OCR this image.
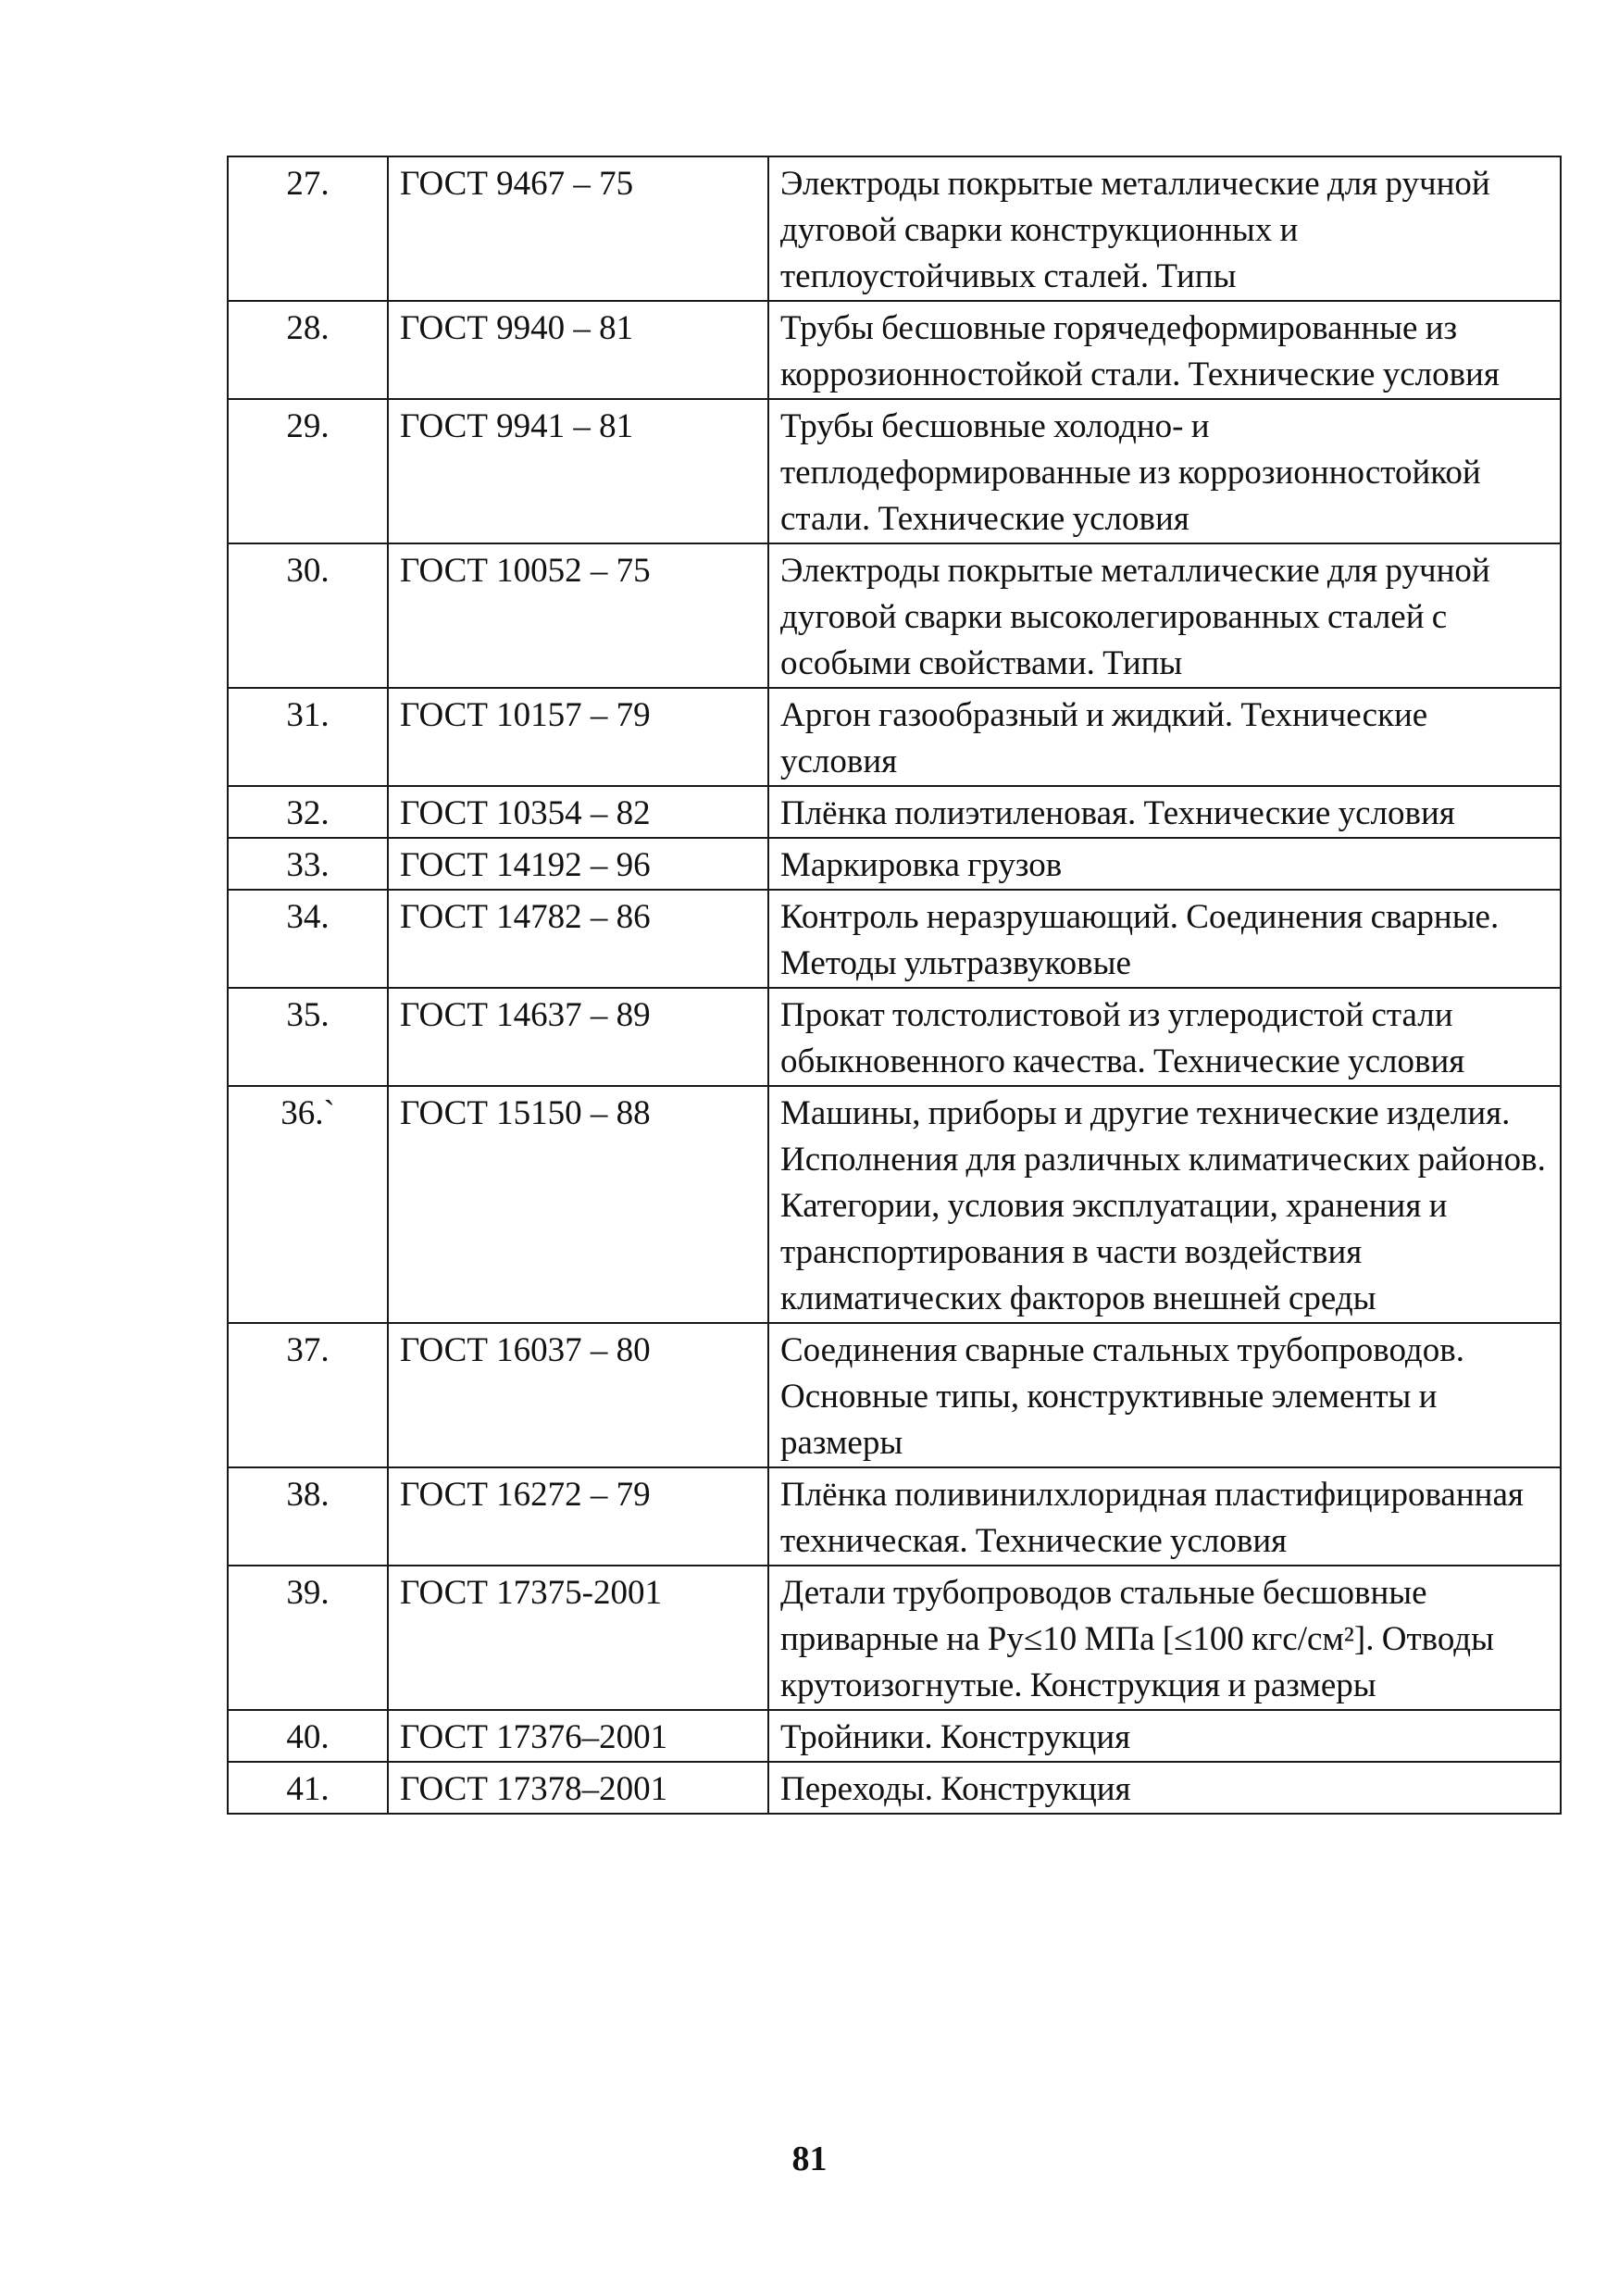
27.	ГОСТ 9467 – 75	Электроды покрытые металлические для ручной дуговой сварки конструкционных и теплоустойчивых сталей. Типы
28.	ГОСТ 9940 – 81	Трубы бесшовные горячедеформированные из коррозионностойкой стали. Технические условия
29.	ГОСТ 9941 – 81	Трубы бесшовные холодно- и теплодеформированные из коррозионностойкой стали. Технические условия
30.	ГОСТ 10052 – 75	Электроды покрытые металлические для ручной дуговой сварки высоколегированных сталей с особыми свойствами. Типы
31.	ГОСТ 10157 – 79	Аргон газообразный и жидкий. Технические условия
32.	ГОСТ 10354 – 82	Плёнка полиэтиленовая. Технические условия
33.	ГОСТ 14192 – 96	Маркировка грузов
34.	ГОСТ 14782 – 86	Контроль неразрушающий. Соединения сварные. Методы ультразвуковые
35.	ГОСТ 14637 – 89	Прокат толстолистовой из углеродистой стали обыкновенного качества. Технические условия
36.`	ГОСТ 15150 – 88	Машины, приборы и другие технические изделия. Исполнения для различных климатических районов. Категории, условия эксплуатации, хранения и транспортирования в части воздействия климатических факторов внешней среды
37.	ГОСТ 16037 – 80	Соединения сварные стальных трубопроводов. Основные типы, конструктивные элементы и размеры
38.	ГОСТ 16272 – 79	Плёнка поливинилхлоридная пластифицированная техническая. Технические условия
39.	ГОСТ 17375-2001	Детали трубопроводов стальные бесшовные приварные на Pу≤10 МПа [≤100 кгс/см²]. Отводы крутоизогнутые. Конструкция и размеры
40.	ГОСТ 17376–2001	Тройники. Конструкция
41.	ГОСТ 17378–2001	Переходы. Конструкция
81
